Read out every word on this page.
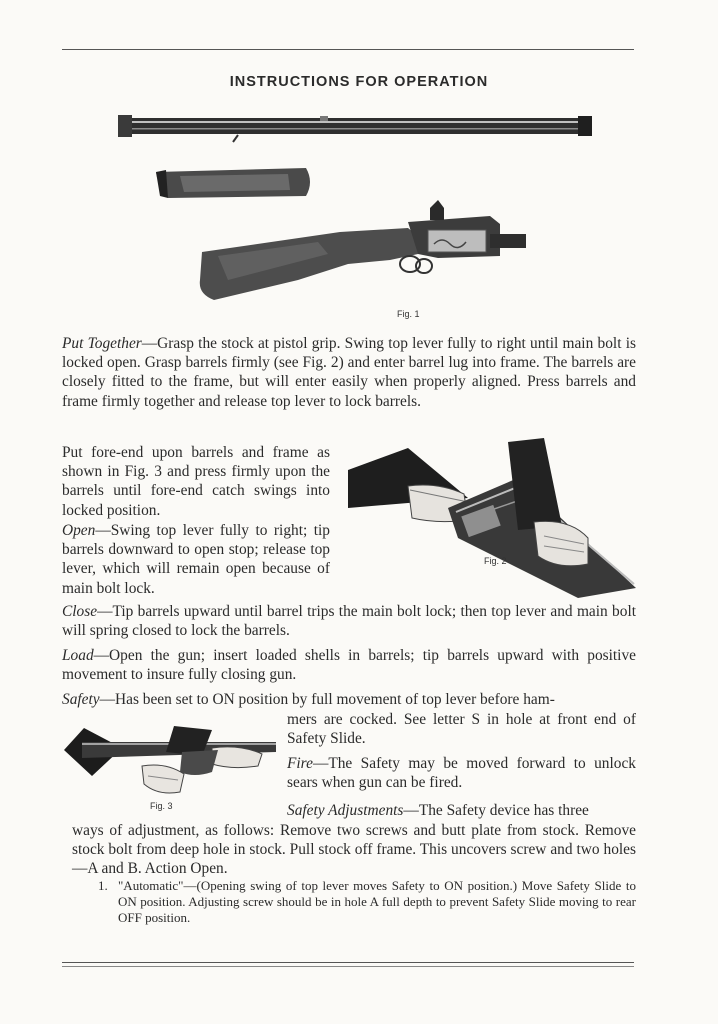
INSTRUCTIONS FOR OPERATION
Fig. 1

Put Together—Grasp the stock at pistol grip. Swing top lever fully to right until main bolt is locked open. Grasp barrels firmly (see Fig. 2) and enter barrel lug into frame. The barrels are closely fitted to the frame, but will enter easily when properly aligned. Press barrels and frame firmly together and release top lever to lock barrels.

Put fore-end upon barrels and frame as shown in Fig. 3 and press firmly upon the barrels until fore-end catch swings into locked position.

Open—Swing top lever fully to right; tip barrels downward to open stop; release top lever, which will remain open because of main bolt lock.

Fig. 2

Close—Tip barrels upward until barrel trips the main bolt lock; then top lever and main bolt will spring closed to lock the barrels.

Load—Open the gun; insert loaded shells in barrels; tip barrels upward with positive movement to insure fully closing gun.

Safety—Has been set to ON position by full movement of top lever before ham-

mers are cocked. See letter S in hole at front end of Safety Slide.

Fig. 3

Fire—The Safety may be moved forward to unlock sears when gun can be fired.

Safety Adjustments—The Safety device has three

ways of adjustment, as follows: Remove two screws and butt plate from stock. Remove stock bolt from deep hole in stock. Pull stock off frame. This uncovers screw and two holes—A and B. Action Open.

1. "Automatic"—(Opening swing of top lever moves Safety to ON position.) Move Safety Slide to ON position. Adjusting screw should be in hole A full depth to prevent Safety Slide moving to rear OFF position.
